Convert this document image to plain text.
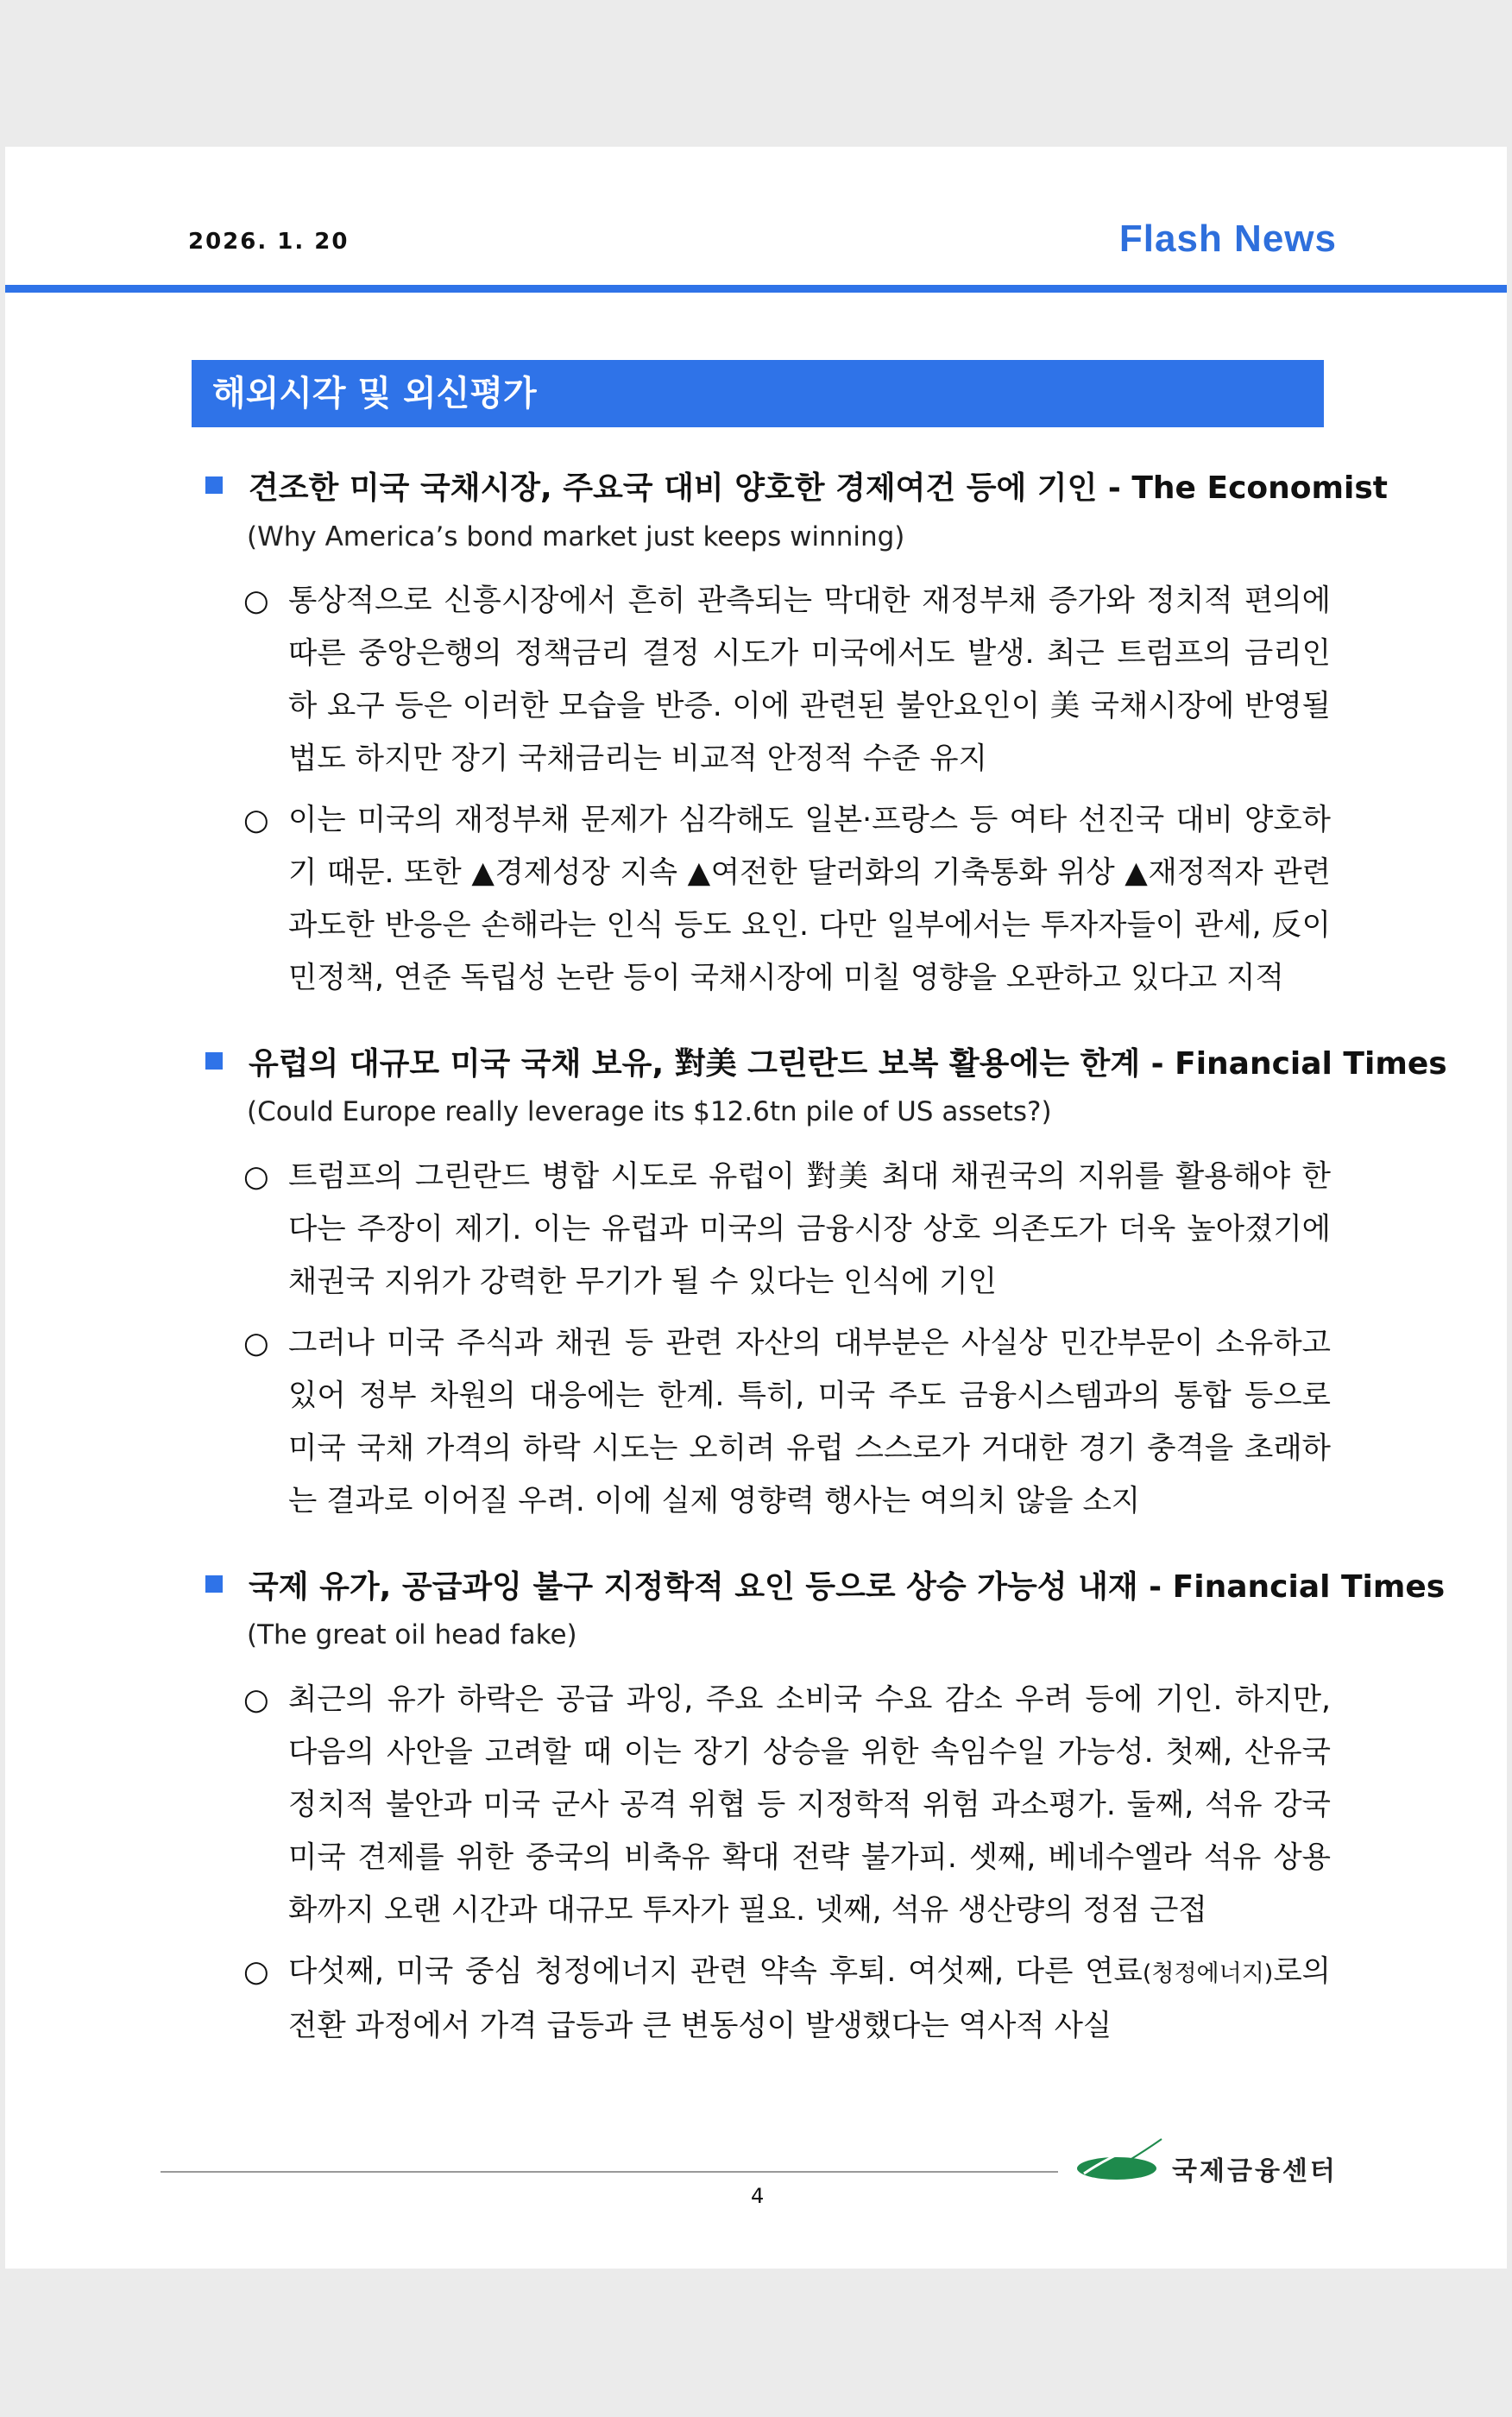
2026. 1. 20	Flash News
해외시각 및 외신평가
견조한 미국 국채시장, 주요국 대비 양호한 경제여건 등에 기인 - The Economist
(Why America’s bond market just keeps winning)
○ 통상적으로 신흥시장에서 흔히 관측되는 막대한 재정부채 증가와 정치적 편의에 따른 중앙은행의 정책금리 결정 시도가 미국에서도 발생. 최근 트럼프의 금리인하 요구 등은 이러한 모습을 반증. 이에 관련된 불안요인이 美 국채시장에 반영될 법도 하지만 장기 국채금리는 비교적 안정적 수준 유지
○ 이는 미국의 재정부채 문제가 심각해도 일본·프랑스 등 여타 선진국 대비 양호하기 때문. 또한 ▲경제성장 지속 ▲여전한 달러화의 기축통화 위상 ▲재정적자 관련 과도한 반응은 손해라는 인식 등도 요인. 다만 일부에서는 투자자들이 관세, 反이민정책, 연준 독립성 논란 등이 국채시장에 미칠 영향을 오판하고 있다고 지적
유럽의 대규모 미국 국채 보유, 對美 그린란드 보복 활용에는 한계 - Financial Times
(Could Europe really leverage its $12.6tn pile of US assets?)
○ 트럼프의 그린란드 병합 시도로 유럽이 對美 최대 채권국의 지위를 활용해야 한다는 주장이 제기. 이는 유럽과 미국의 금융시장 상호 의존도가 더욱 높아졌기에 채권국 지위가 강력한 무기가 될 수 있다는 인식에 기인
○ 그러나 미국 주식과 채권 등 관련 자산의 대부분은 사실상 민간부문이 소유하고 있어 정부 차원의 대응에는 한계. 특히, 미국 주도 금융시스템과의 통합 등으로 미국 국채 가격의 하락 시도는 오히려 유럽 스스로가 거대한 경기 충격을 초래하는 결과로 이어질 우려. 이에 실제 영향력 행사는 여의치 않을 소지
국제 유가, 공급과잉 불구 지정학적 요인 등으로 상승 가능성 내재 - Financial Times
(The great oil head fake)
○ 최근의 유가 하락은 공급 과잉, 주요 소비국 수요 감소 우려 등에 기인. 하지만, 다음의 사안을 고려할 때 이는 장기 상승을 위한 속임수일 가능성. 첫째, 산유국 정치적 불안과 미국 군사 공격 위협 등 지정학적 위험 과소평가. 둘째, 석유 강국 미국 견제를 위한 중국의 비축유 확대 전략 불가피. 셋째, 베네수엘라 석유 상용화까지 오랜 시간과 대규모 투자가 필요. 넷째, 석유 생산량의 정점 근접
○ 다섯째, 미국 중심 청정에너지 관련 약속 후퇴. 여섯째, 다른 연료(청정에너지)로의 전환 과정에서 가격 급등과 큰 변동성이 발생했다는 역사적 사실
4
국제금융센터
